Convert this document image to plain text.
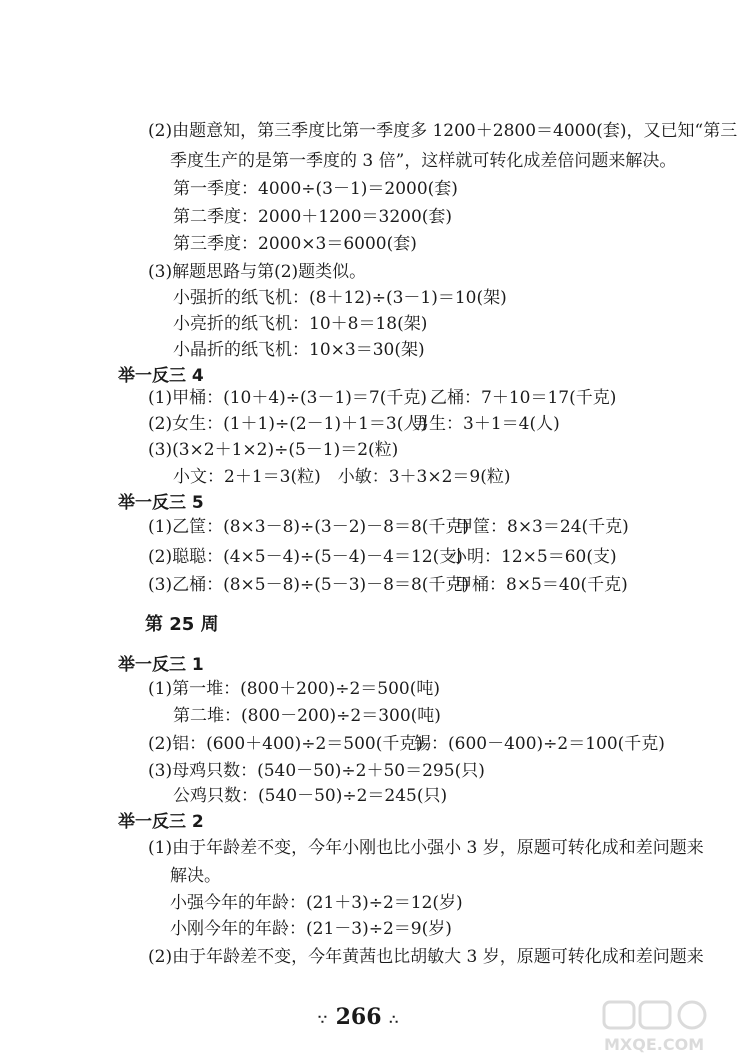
(2)由题意知，第三季度比第一季度多 1200＋2800＝4000(套)，又已知“第三
季度生产的是第一季度的 3 倍”，这样就可转化成差倍问题来解决。
第一季度：4000÷(3－1)＝2000(套)
第二季度：2000＋1200＝3200(套)
第三季度：2000×3＝6000(套)
(3)解题思路与第(2)题类似。
小强折的纸飞机：(8＋12)÷(3－1)＝10(架)
小亮折的纸飞机：10＋8＝18(架)
小晶折的纸飞机：10×3＝30(架)
举一反三 4
(1)甲桶：(10＋4)÷(3－1)＝7(千克) 乙桶：7＋10＝17(千克)
(2)女生：(1＋1)÷(2－1)＋1＝3(人)
男生：3＋1＝4(人)
(3)(3×2＋1×2)÷(5－1)＝2(粒)
小文：2＋1＝3(粒)　小敏：3＋3×2＝9(粒)
举一反三 5
(1)乙筐：(8×3－8)÷(3－2)－8＝8(千克)
甲筐：8×3＝24(千克)
(2)聪聪：(4×5－4)÷(5－4)－4＝12(支)
小明：12×5＝60(支)
(3)乙桶：(8×5－8)÷(5－3)－8＝8(千克)
甲桶：8×5＝40(千克)
第 25 周
举一反三 1
(1)第一堆：(800＋200)÷2＝500(吨)
第二堆：(800－200)÷2＝300(吨)
(2)铝：(600＋400)÷2＝500(千克)
锡：(600－400)÷2＝100(千克)
(3)母鸡只数：(540－50)÷2＋50＝295(只)
公鸡只数：(540－50)÷2＝245(只)
举一反三 2
(1)由于年龄差不变，今年小刚也比小强小 3 岁，原题可转化成和差问题来
解决。
小强今年的年龄：(21＋3)÷2＝12(岁)
小刚今年的年龄：(21－3)÷2＝9(岁)
(2)由于年龄差不变，今年黄茜也比胡敏大 3 岁，原题可转化成和差问题来
∵ 266 ∴
MXQE.COM
